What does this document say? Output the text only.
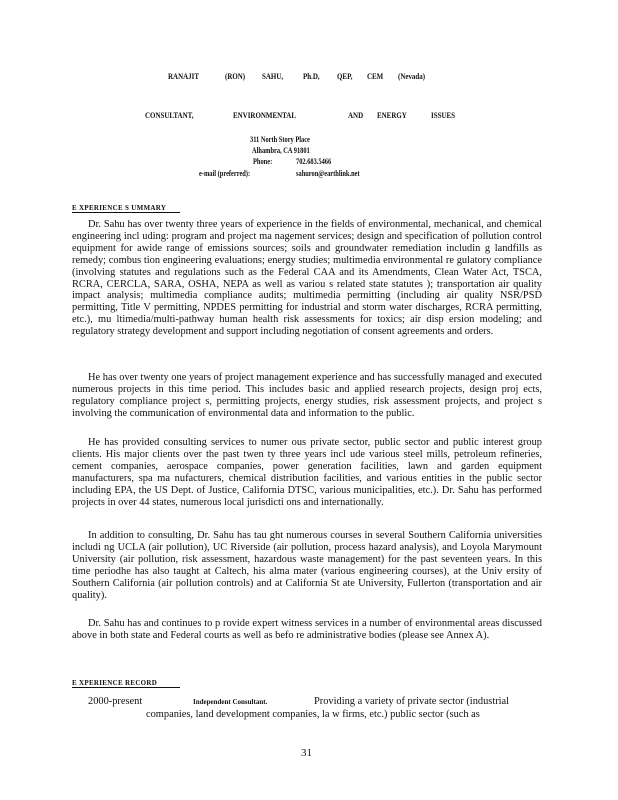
RANAJIT	(RON) SAHU, Ph.D, QEP, CEM (Nevada)
CONSULTANT,	ENVIRONMENTAL	AND ENERGY	ISSUES
311 North Story Place
Alhambra, CA 91801
Phone:	702.683.5466
e-mail (preferred):	sahuron@earthlink.net
E XPERIENCE S UMMARY

Dr. Sahu has over twenty three years of experience in the fields of environmental, mechanical, and chemical engineering incl uding: program and project ma nagement services; design and specification of pollution control equipment for awide range of emissions sources; soils and groundwater remediation includin g landfills as remedy; combus tion engineering evaluations; energy studies; multimedia environmental re gulatory compliance (involving statutes and regulations such as the Federal CAA and its Amendments, Clean Water Act, TSCA, RCRA, CERCLA, SARA, OSHA, NEPA as well as variou s related state statutes ); transportation air quality impact analysis; multimedia compliance audits; multimedia permitting (including air quality NSR/PSD permitting, Title V permitting, NPDES permitting for industrial and storm water discharges, RCRA permitting, etc.), mu ltimedia/multi-pathway human health risk assessments for toxics; air disp ersion modeling; and regulatory strategy development and support including negotiation of consent agreements and orders.

He has over twenty one years of project management experience and has successfully managed and executed numerous projects in this time period. This includes basic and applied research projects, design proj ects, regulatory compliance project s, permitting projects, energy studies, risk assessment projects, and project s involving the communication of environmental data and information to the public.

He has provided consulting services to numer ous private sector, public sector and public interest group clients. His major clients over the past twen ty three years incl ude various steel mills, petroleum refineries, cement companies, aerospace companies, power generation facilities, lawn and garden equipment manufacturers, spa ma nufacturers, chemical distribution facilities, and various entities in the public sector including EPA, the US Dept. of Justice, California DTSC, various municipalities, etc.). Dr. Sahu has performed projects in over 44 states, numerous local jurisdicti ons and internationally.

In addition to consulting, Dr. Sahu has tau ght numerous courses in several Southern California universities includi ng UCLA (air pollution), UC Riverside (air pollution, process hazard analysis), and Loyola Marymount University (air pollution, risk assessment, hazardous waste management) for the past seventeen years. In this time periodhe has also taught at Caltech, his alma mater (various engineering courses), at the Univ ersity of Southern California (air pollution controls) and at California St ate University, Fullerton (transportation and air quality).

Dr. Sahu has and continues to p rovide expert witness services in a number of environmental areas discussed above in both state and Federal courts as well as befo re administrative bodies (please see Annex A).

E XPERIENCE RECORD
2000-present	Independent Consultant.	Providing a variety of private sector (industrial
companies, land development companies, la w firms, etc.) public sector (such as
31
